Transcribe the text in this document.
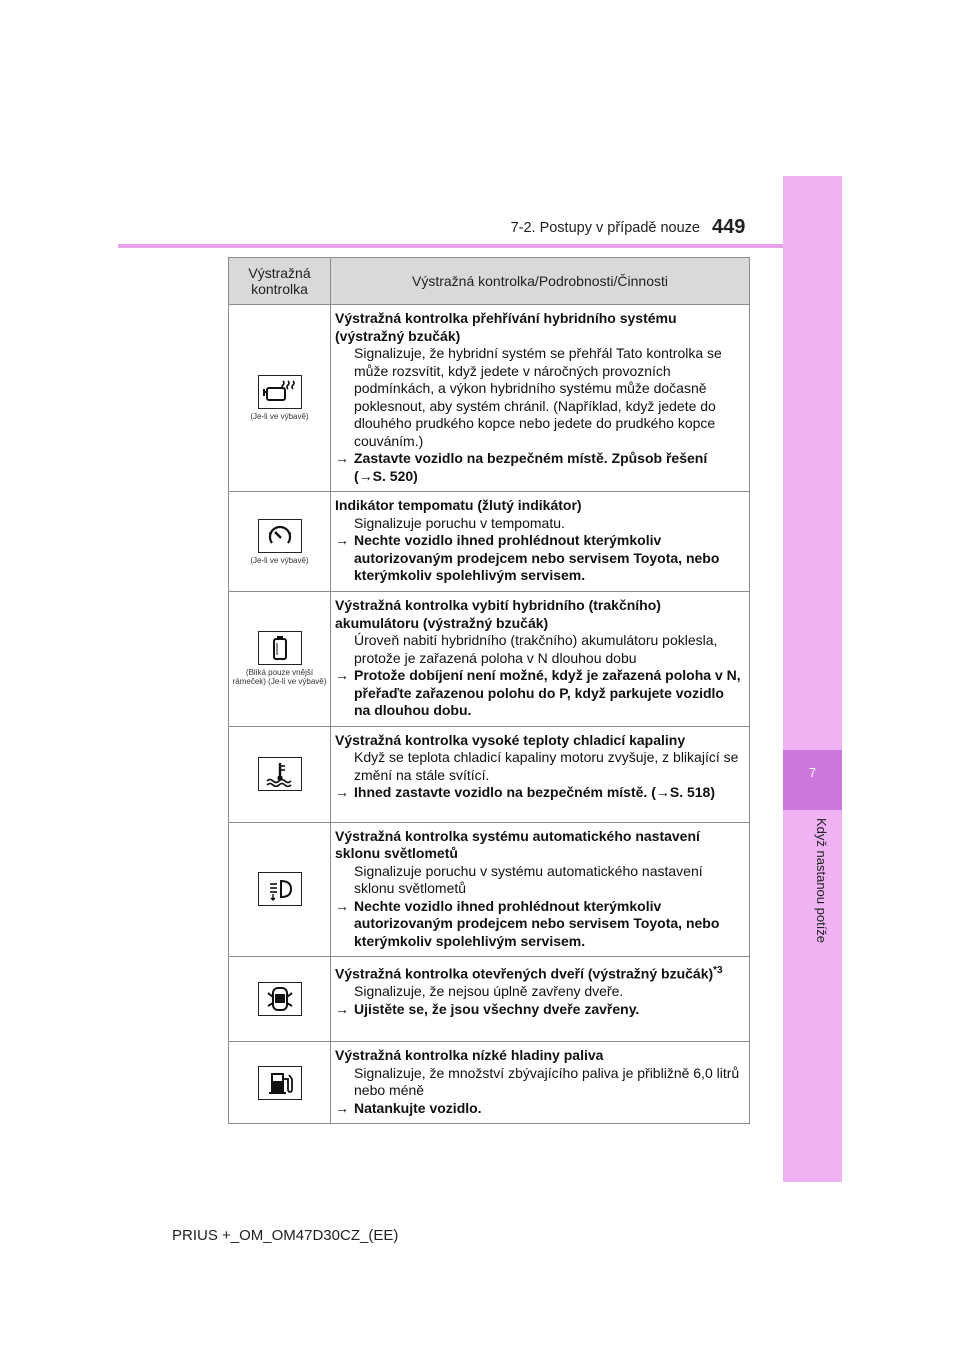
7
Když nastanou potíže
7-2. Postupy v případě nouze 449
Výstražná kontrolka	Výstražná kontrolka/Podrobnosti/Činnosti

(Je-li ve výbavě)	Výstražná kontrolka přehřívání hybridního systému (výstražný bzučák)
Signalizuje, že hybridní systém se přehřál Tato kontrolka se může rozsvítit, když jedete v náročných provozních podmínkách, a výkon hybridního systému může dočasně poklesnout, aby systém chránil. (Například, když jedete do dlouhého prudkého kopce nebo jedete do prudkého kopce couváním.)
→ Zastavte vozidlo na bezpečném místě. Způsob řešení (→S. 520)

(Je-li ve výbavě)	Indikátor tempomatu (žlutý indikátor)
Signalizuje poruchu v tempomatu.
→ Nechte vozidlo ihned prohlédnout kterýmkoliv autorizovaným prodejcem nebo servisem Toyota, nebo kterýmkoliv spolehlivým servisem.

(Bliká pouze vnější rámeček) (Je-li ve výbavě)	Výstražná kontrolka vybití hybridního (trakčního) akumulátoru (výstražný bzučák)
Úroveň nabití hybridního (trakčního) akumulátoru poklesla, protože je zařazená poloha v N dlouhou dobu
→ Protože dobíjení není možné, když je zařazená poloha v N, přeřaďte zařazenou polohu do P, když parkujete vozidlo na dlouhou dobu.

Výstražná kontrolka vysoké teploty chladicí kapaliny
Když se teplota chladicí kapaliny motoru zvyšuje, z blikající se změní na stále svítící.
→ Ihned zastavte vozidlo na bezpečném místě. (→S. 518)

Výstražná kontrolka systému automatického nastavení sklonu světlometů
Signalizuje poruchu v systému automatického nastavení sklonu světlometů
→ Nechte vozidlo ihned prohlédnout kterýmkoliv autorizovaným prodejcem nebo servisem Toyota, nebo kterýmkoliv spolehlivým servisem.

Výstražná kontrolka otevřených dveří (výstražný bzučák)$^{*3}$
Signalizuje, že nejsou úplně zavřeny dveře.
→ Ujistěte se, že jsou všechny dveře zavřeny.

Výstražná kontrolka nízké hladiny paliva
Signalizuje, že množství zbývajícího paliva je přibližně 6,0 litrů nebo méně
→ Natankujte vozidlo.
PRIUS +_OM_OM47D30CZ_(EE)
